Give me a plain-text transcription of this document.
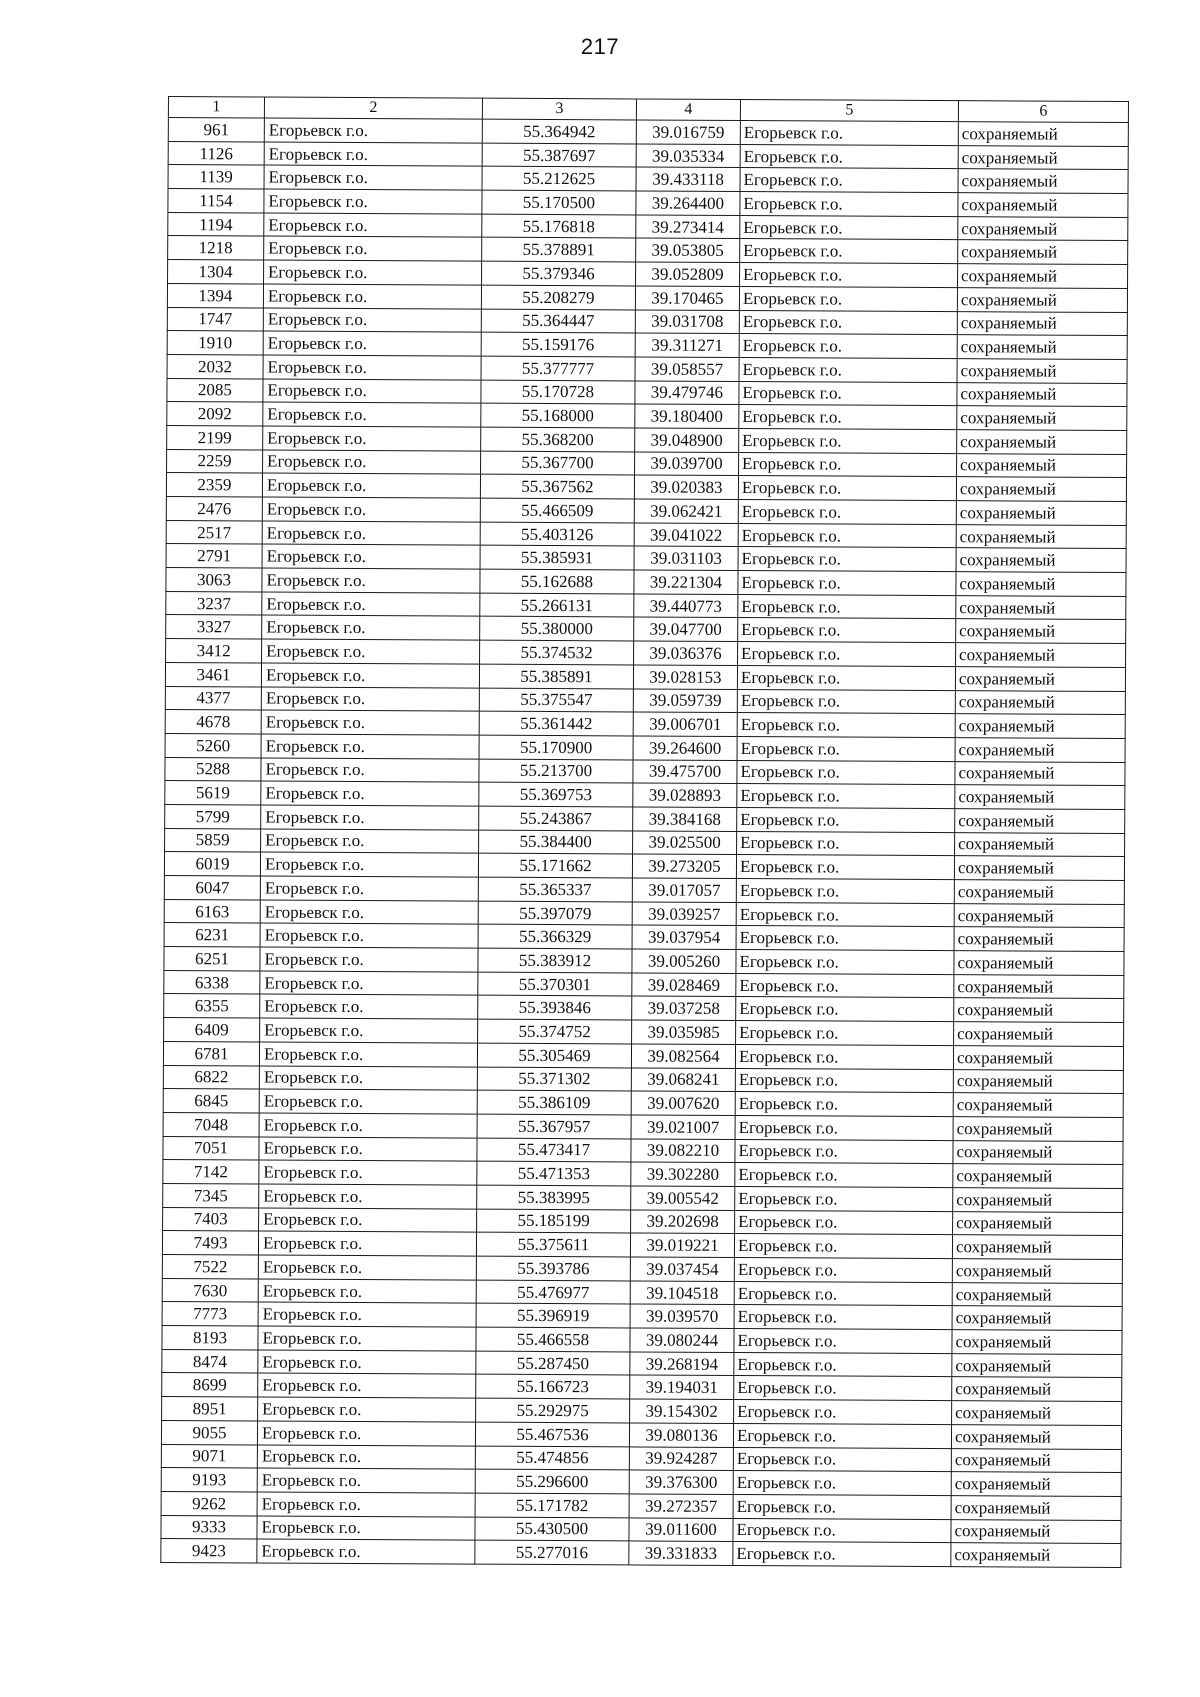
217
1	2	3	4	5	6
961	Егорьевск г.о.	55.364942	39.016759	Егорьевск г.о.	сохраняемый
1126	Егорьевск г.о.	55.387697	39.035334	Егорьевск г.о.	сохраняемый
1139	Егорьевск г.о.	55.212625	39.433118	Егорьевск г.о.	сохраняемый
1154	Егорьевск г.о.	55.170500	39.264400	Егорьевск г.о.	сохраняемый
1194	Егорьевск г.о.	55.176818	39.273414	Егорьевск г.о.	сохраняемый
1218	Егорьевск г.о.	55.378891	39.053805	Егорьевск г.о.	сохраняемый
1304	Егорьевск г.о.	55.379346	39.052809	Егорьевск г.о.	сохраняемый
1394	Егорьевск г.о.	55.208279	39.170465	Егорьевск г.о.	сохраняемый
1747	Егорьевск г.о.	55.364447	39.031708	Егорьевск г.о.	сохраняемый
1910	Егорьевск г.о.	55.159176	39.311271	Егорьевск г.о.	сохраняемый
2032	Егорьевск г.о.	55.377777	39.058557	Егорьевск г.о.	сохраняемый
2085	Егорьевск г.о.	55.170728	39.479746	Егорьевск г.о.	сохраняемый
2092	Егорьевск г.о.	55.168000	39.180400	Егорьевск г.о.	сохраняемый
2199	Егорьевск г.о.	55.368200	39.048900	Егорьевск г.о.	сохраняемый
2259	Егорьевск г.о.	55.367700	39.039700	Егорьевск г.о.	сохраняемый
2359	Егорьевск г.о.	55.367562	39.020383	Егорьевск г.о.	сохраняемый
2476	Егорьевск г.о.	55.466509	39.062421	Егорьевск г.о.	сохраняемый
2517	Егорьевск г.о.	55.403126	39.041022	Егорьевск г.о.	сохраняемый
2791	Егорьевск г.о.	55.385931	39.031103	Егорьевск г.о.	сохраняемый
3063	Егорьевск г.о.	55.162688	39.221304	Егорьевск г.о.	сохраняемый
3237	Егорьевск г.о.	55.266131	39.440773	Егорьевск г.о.	сохраняемый
3327	Егорьевск г.о.	55.380000	39.047700	Егорьевск г.о.	сохраняемый
3412	Егорьевск г.о.	55.374532	39.036376	Егорьевск г.о.	сохраняемый
3461	Егорьевск г.о.	55.385891	39.028153	Егорьевск г.о.	сохраняемый
4377	Егорьевск г.о.	55.375547	39.059739	Егорьевск г.о.	сохраняемый
4678	Егорьевск г.о.	55.361442	39.006701	Егорьевск г.о.	сохраняемый
5260	Егорьевск г.о.	55.170900	39.264600	Егорьевск г.о.	сохраняемый
5288	Егорьевск г.о.	55.213700	39.475700	Егорьевск г.о.	сохраняемый
5619	Егорьевск г.о.	55.369753	39.028893	Егорьевск г.о.	сохраняемый
5799	Егорьевск г.о.	55.243867	39.384168	Егорьевск г.о.	сохраняемый
5859	Егорьевск г.о.	55.384400	39.025500	Егорьевск г.о.	сохраняемый
6019	Егорьевск г.о.	55.171662	39.273205	Егорьевск г.о.	сохраняемый
6047	Егорьевск г.о.	55.365337	39.017057	Егорьевск г.о.	сохраняемый
6163	Егорьевск г.о.	55.397079	39.039257	Егорьевск г.о.	сохраняемый
6231	Егорьевск г.о.	55.366329	39.037954	Егорьевск г.о.	сохраняемый
6251	Егорьевск г.о.	55.383912	39.005260	Егорьевск г.о.	сохраняемый
6338	Егорьевск г.о.	55.370301	39.028469	Егорьевск г.о.	сохраняемый
6355	Егорьевск г.о.	55.393846	39.037258	Егорьевск г.о.	сохраняемый
6409	Егорьевск г.о.	55.374752	39.035985	Егорьевск г.о.	сохраняемый
6781	Егорьевск г.о.	55.305469	39.082564	Егорьевск г.о.	сохраняемый
6822	Егорьевск г.о.	55.371302	39.068241	Егорьевск г.о.	сохраняемый
6845	Егорьевск г.о.	55.386109	39.007620	Егорьевск г.о.	сохраняемый
7048	Егорьевск г.о.	55.367957	39.021007	Егорьевск г.о.	сохраняемый
7051	Егорьевск г.о.	55.473417	39.082210	Егорьевск г.о.	сохраняемый
7142	Егорьевск г.о.	55.471353	39.302280	Егорьевск г.о.	сохраняемый
7345	Егорьевск г.о.	55.383995	39.005542	Егорьевск г.о.	сохраняемый
7403	Егорьевск г.о.	55.185199	39.202698	Егорьевск г.о.	сохраняемый
7493	Егорьевск г.о.	55.375611	39.019221	Егорьевск г.о.	сохраняемый
7522	Егорьевск г.о.	55.393786	39.037454	Егорьевск г.о.	сохраняемый
7630	Егорьевск г.о.	55.476977	39.104518	Егорьевск г.о.	сохраняемый
7773	Егорьевск г.о.	55.396919	39.039570	Егорьевск г.о.	сохраняемый
8193	Егорьевск г.о.	55.466558	39.080244	Егорьевск г.о.	сохраняемый
8474	Егорьевск г.о.	55.287450	39.268194	Егорьевск г.о.	сохраняемый
8699	Егорьевск г.о.	55.166723	39.194031	Егорьевск г.о.	сохраняемый
8951	Егорьевск г.о.	55.292975	39.154302	Егорьевск г.о.	сохраняемый
9055	Егорьевск г.о.	55.467536	39.080136	Егорьевск г.о.	сохраняемый
9071	Егорьевск г.о.	55.474856	39.924287	Егорьевск г.о.	сохраняемый
9193	Егорьевск г.о.	55.296600	39.376300	Егорьевск г.о.	сохраняемый
9262	Егорьевск г.о.	55.171782	39.272357	Егорьевск г.о.	сохраняемый
9333	Егорьевск г.о.	55.430500	39.011600	Егорьевск г.о.	сохраняемый
9423	Егорьевск г.о.	55.277016	39.331833	Егорьевск г.о.	сохраняемый
